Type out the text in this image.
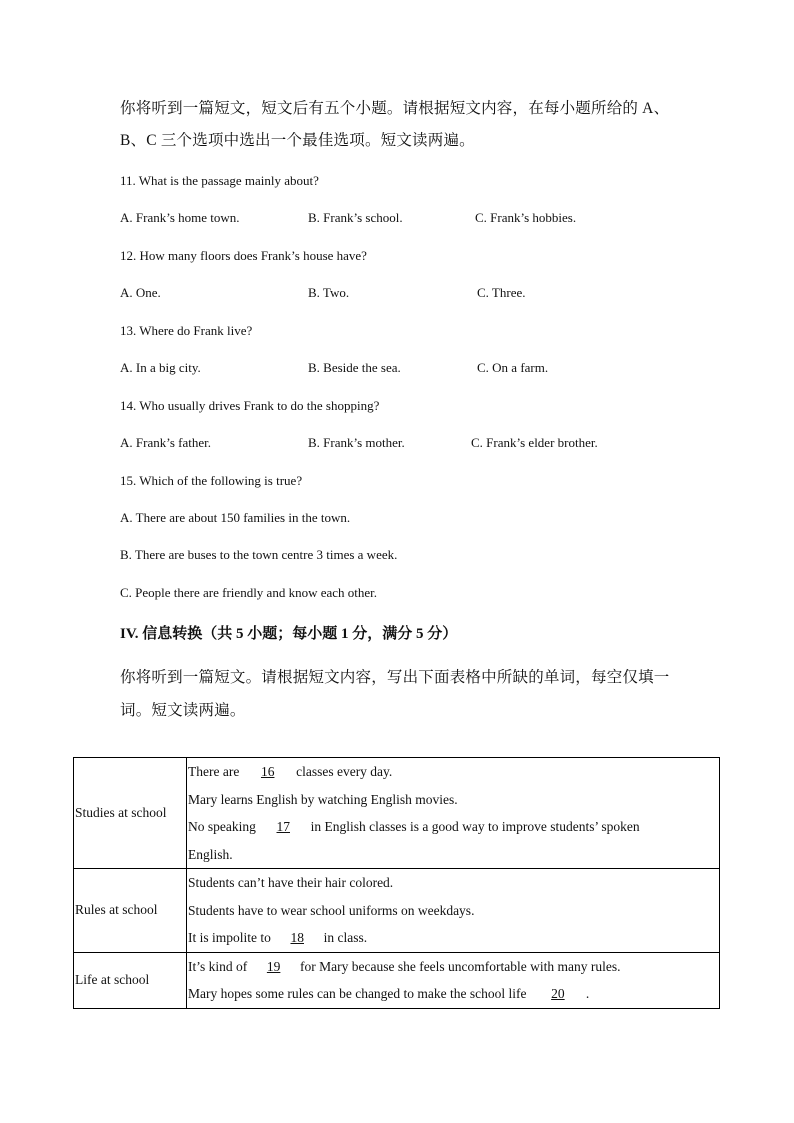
你将听到一篇短文，短文后有五个小题。请根据短文内容，在每小题所给的 A、
B、C 三个选项中选出一个最佳选项。短文读两遍。
11. What is the passage mainly about?
A. Frank’s home town.	B. Frank’s school.	C. Frank’s hobbies.
12. How many floors does Frank’s house have?
A. One.	B. Two.	C. Three.
13. Where do Frank live?
A. In a big city.	B. Beside the sea.	C. On a farm.
14. Who usually drives Frank to do the shopping?
A. Frank’s father.	B. Frank’s mother.	C. Frank’s elder brother.
15. Which of the following is true?
A. There are about 150 families in the town.
B. There are buses to the town centre 3 times a week.
C. People there are friendly and know each other.
IV. 信息转换（共 5 小题；每小题 1 分，满分 5 分）
你将听到一篇短文。请根据短文内容，写出下面表格中所缺的单词，每空仅填一
词。短文读两遍。
Studies at school	There are 16 classes every day.
Mary learns English by watching English movies.
No speaking 17 in English classes is a good way to improve students’ spoken
English.

Rules at school	Students can’t have their hair colored.
Students have to wear school uniforms on weekdays.
It is impolite to 18 in class.

Life at school	It’s kind of 19 for Mary because she feels uncomfortable with many rules.
Mary hopes some rules can be changed to make the school life 20 .
